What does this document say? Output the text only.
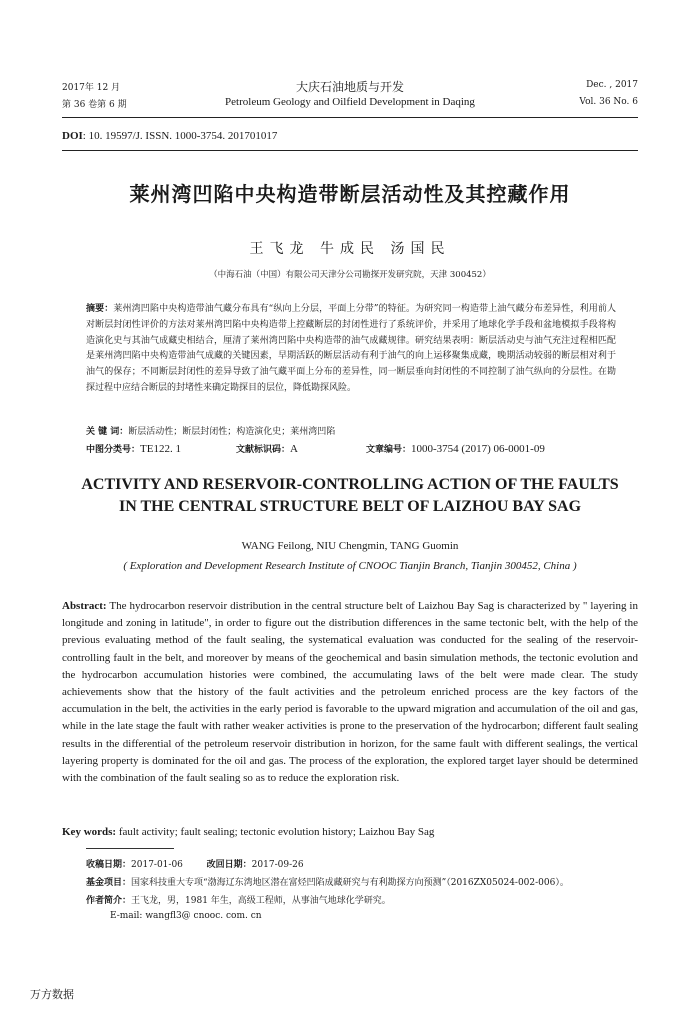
2017年 12 月
第 36 卷第 6 期
大庆石油地质与开发
Petroleum Geology and Oilfield Development in Daqing
Dec. , 2017
Vol. 36 No. 6
DOI: 10. 19597/J. ISSN. 1000-3754. 201701017
莱州湾凹陷中央构造带断层活动性及其控藏作用
王飞龙 牛成民 汤国民
（中海石油（中国）有限公司天津分公司勘探开发研究院，天津 300452）
摘要：莱州湾凹陷中央构造带油气藏分布具有“纵向上分层，平面上分带”的特征。为研究同一构造带上油气藏分布差异性，利用前人对断层封闭性评价的方法对莱州湾凹陷中央构造带上控藏断层的封闭性进行了系统评价，并采用了地球化学手段和盆地模拟手段将构造演化史与其油气成藏史相结合，厘清了莱州湾凹陷中央构造带的油气成藏规律。研究结果表明：断层活动史与油气充注过程相匹配是莱州湾凹陷中央构造带油气成藏的关键因素，早期活跃的断层活动有利于油气的向上运移聚集成藏，晚期活动较弱的断层相对利于油气的保存；不同断层封闭性的差异导致了油气藏平面上分布的差异性，同一断层垂向封闭性的不同控制了油气纵向的分层性。在勘探过程中应结合断层的封堵性来确定勘探目的层位，降低勘探风险。
关 键 词：断层活动性；断层封闭性；构造演化史；莱州湾凹陷
中图分类号：TE122. 1	文献标识码：A	文章编号：1000-3754 (2017) 06-0001-09
ACTIVITY AND RESERVOIR-CONTROLLING ACTION OF THE FAULTS
IN THE CENTRAL STRUCTURE BELT OF LAIZHOU BAY SAG
WANG Feilong, NIU Chengmin, TANG Guomin
( Exploration and Development Research Institute of CNOOC Tianjin Branch, Tianjin 300452, China )
Abstract: The hydrocarbon reservoir distribution in the central structure belt of Laizhou Bay Sag is characterized by " layering in longitude and zoning in latitude", in order to figure out the distribution differences in the same tectonic belt, with the help of the previous evaluating method of the fault sealing, the systematical evaluation was conducted for the sealing of the reservoir-controlling fault in the belt, and moreover by means of the geochemical and basin simulation methods, the tectonic evolution and the hydrocarbon accumulation histories were combined, the accumulating laws of the belt were made clear. The study achievements show that the history of the fault activities and the petroleum enriched process are the key factors of the accumulation in the belt, the activities in the early period is favorable to the upward migration and accumulation of the oil and gas, while in the late stage the fault with rather weaker activities is prone to the preservation of the hydrocarbon; different fault sealing results in the differential of the petroleum reservoir distribution in horizon, for the same fault with different sealings, the vertical layering property is dominated for the oil and gas. The process of the exploration, the explored target layer should be determined with the combination of the fault sealing so as to reduce the exploration risk.
Key words: fault activity; fault sealing; tectonic evolution history; Laizhou Bay Sag
收稿日期：2017-01-06	改回日期：2017-09-26
基金项目：国家科技重大专项“渤海辽东湾地区潜在富烃凹陷成藏研究与有利勘探方向预测”（2016ZX05024-002-006）。
作者简介：王飞龙，男，1981 年生，高级工程师，从事油气地球化学研究。
E-mail: wangfl3@ cnooc. com. cn
万方数据
